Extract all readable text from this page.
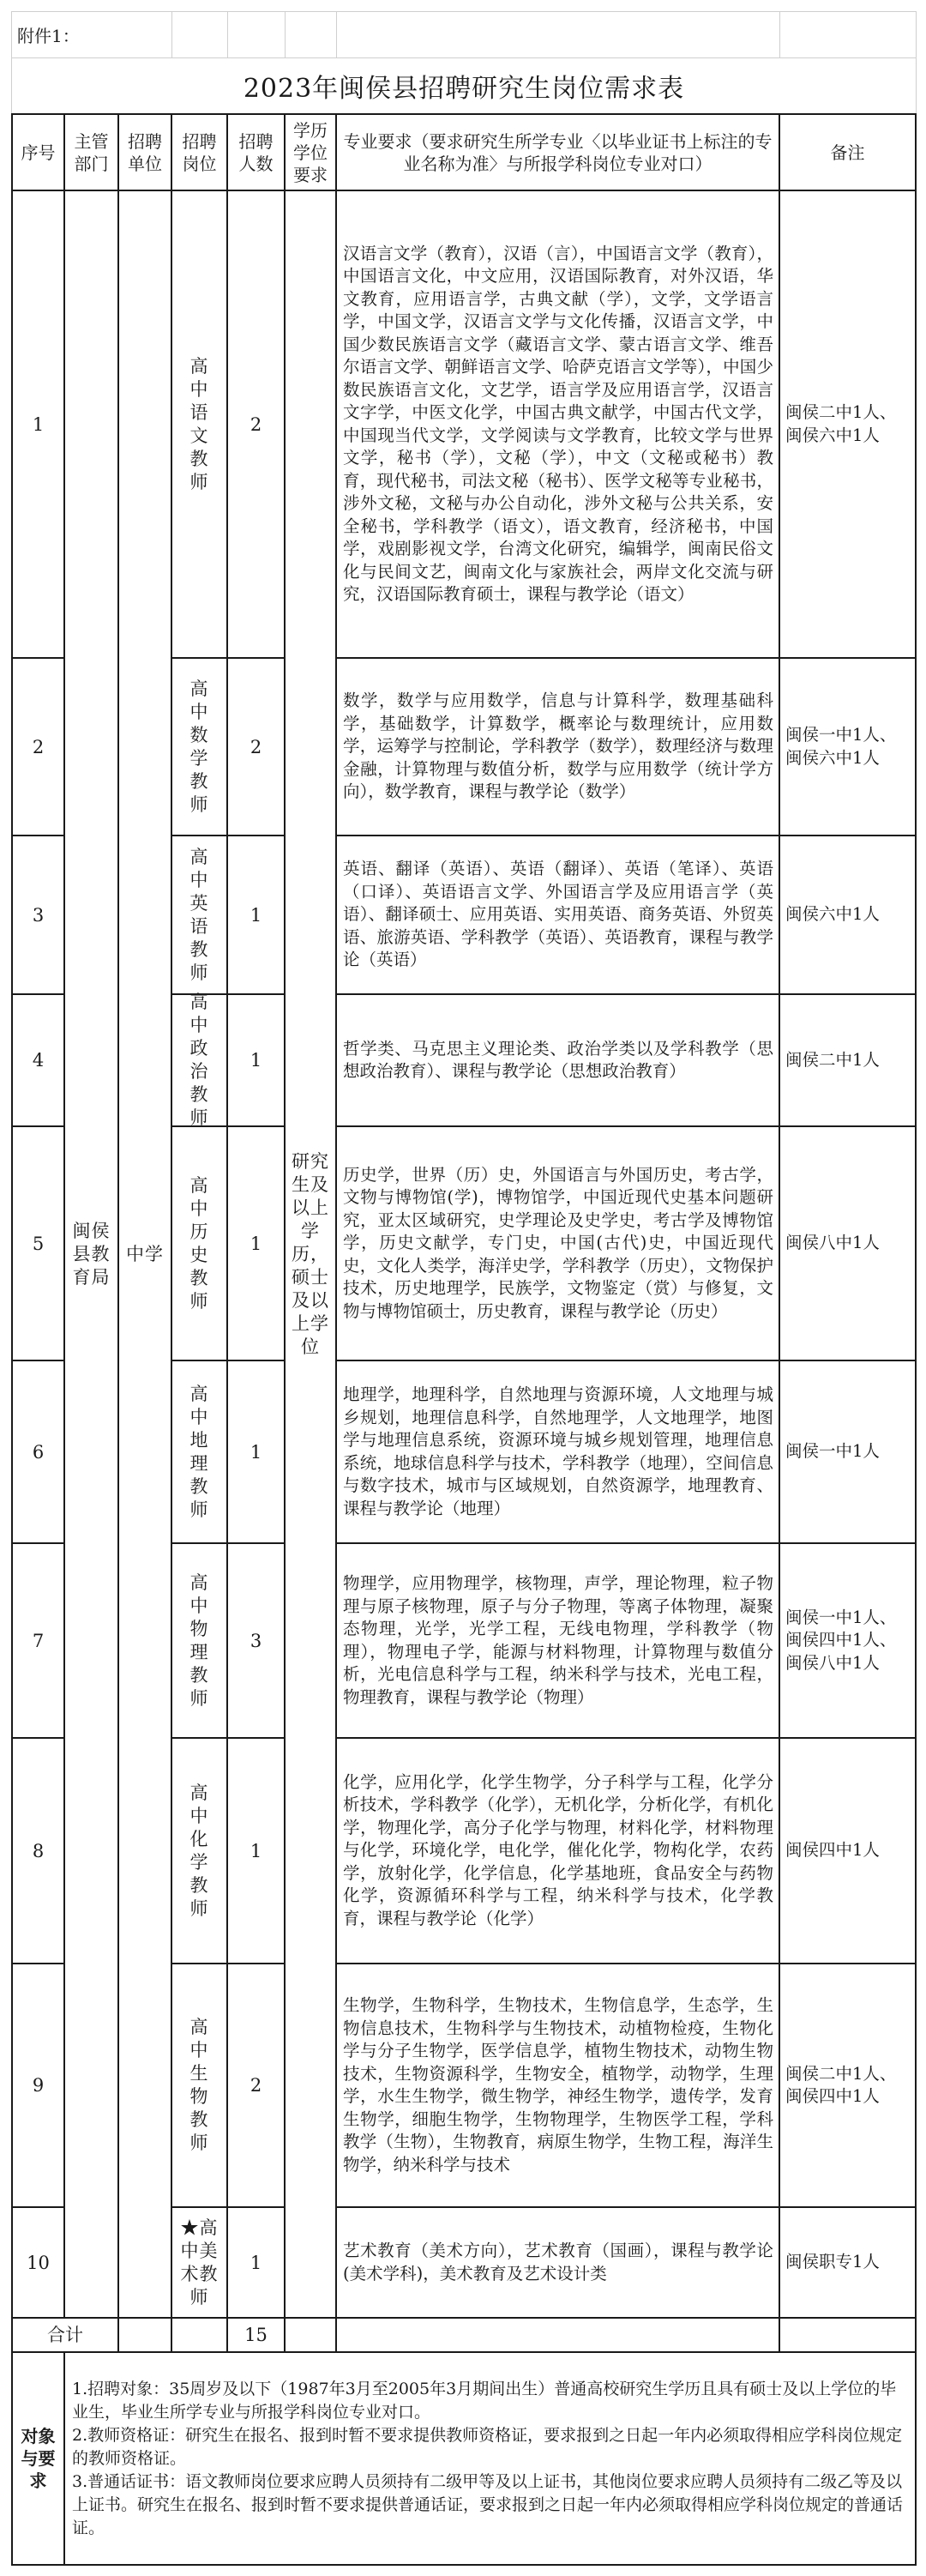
附件1：
2023年闽侯县招聘研究生岗位需求表
序号
主管部门
招聘单位
招聘岗位
招聘人数
学历学位要求
专业要求（要求研究生所学专业〈以毕业证书上标注的专业名称为准〉与所报学科岗位专业对口）
备注
闽侯县教育局
中学
研究生及以上学历，硕士及以上学位
1
高中语文教师
2
汉语言文学（教育），汉语（言），中国语言文学（教育），中国语言文化，中文应用，汉语国际教育，对外汉语，华文教育，应用语言学，古典文献（学），文学，文学语言学，中国文学，汉语言文学与文化传播，汉语言文学，中国少数民族语言文学（藏语言文学、蒙古语言文学、维吾尔语言文学、朝鲜语言文学、哈萨克语言文学等），中国少数民族语言文化，文艺学，语言学及应用语言学，汉语言文字学，中医文化学，中国古典文献学，中国古代文学，中国现当代文学，文学阅读与文学教育，比较文学与世界文学，秘书（学），文秘（学），中文（文秘或秘书）教育，现代秘书，司法文秘（秘书）、医学文秘等专业秘书，涉外文秘，文秘与办公自动化，涉外文秘与公共关系，安全秘书，学科教学（语文），语文教育，经济秘书，中国学，戏剧影视文学，台湾文化研究，编辑学，闽南民俗文化与民间文艺，闽南文化与家族社会，两岸文化交流与研究，汉语国际教育硕士，课程与教学论（语文）
闽侯二中1人、闽侯六中1人
2
高中数学教师
2
数学，数学与应用数学，信息与计算科学，数理基础科学，基础数学，计算数学，概率论与数理统计，应用数学，运筹学与控制论，学科教学（数学），数理经济与数理金融，计算物理与数值分析，数学与应用数学（统计学方向），数学教育，课程与教学论（数学）
闽侯一中1人、闽侯六中1人
3
高中英语教师
1
英语、翻译（英语）、英语（翻译）、英语（笔译）、英语（口译）、英语语言文学、外国语言学及应用语言学（英语）、翻译硕士、应用英语、实用英语、商务英语、外贸英语、旅游英语、学科教学（英语）、英语教育，课程与教学论（英语）
闽侯六中1人
4
高中政治教师
1
哲学类、马克思主义理论类、政治学类以及学科教学（思想政治教育）、课程与教学论（思想政治教育）
闽侯二中1人
5
高中历史教师
1
历史学，世界（历）史，外国语言与外国历史，考古学，文物与博物馆(学)，博物馆学，中国近现代史基本问题研究，亚太区域研究，史学理论及史学史，考古学及博物馆学，历史文献学，专门史，中国(古代)史，中国近现代史，文化人类学，海洋史学，学科教学（历史），文物保护技术，历史地理学，民族学，文物鉴定（赏）与修复，文物与博物馆硕士，历史教育，课程与教学论（历史）
闽侯八中1人
6
高中地理教师
1
地理学，地理科学，自然地理与资源环境，人文地理与城乡规划，地理信息科学，自然地理学，人文地理学，地图学与地理信息系统，资源环境与城乡规划管理，地理信息系统，地球信息科学与技术，学科教学（地理），空间信息与数字技术，城市与区域规划，自然资源学，地理教育、课程与教学论（地理）
闽侯一中1人
7
高中物理教师
3
物理学，应用物理学，核物理，声学，理论物理，粒子物理与原子核物理，原子与分子物理，等离子体物理，凝聚态物理，光学，光学工程，无线电物理，学科教学（物理），物理电子学，能源与材料物理，计算物理与数值分析，光电信息科学与工程，纳米科学与技术，光电工程，物理教育，课程与教学论（物理）
闽侯一中1人、闽侯四中1人、闽侯八中1人
8
高中化学教师
1
化学，应用化学，化学生物学，分子科学与工程，化学分析技术，学科教学（化学），无机化学，分析化学，有机化学，物理化学，高分子化学与物理，材料化学，材料物理与化学，环境化学，电化学，催化化学，物构化学，农药学，放射化学，化学信息，化学基地班，食品安全与药物化学，资源循环科学与工程，纳米科学与技术，化学教育，课程与教学论（化学）
闽侯四中1人
9
高中生物教师
2
生物学，生物科学，生物技术，生物信息学，生态学，生物信息技术，生物科学与生物技术，动植物检疫，生物化学与分子生物学，医学信息学，植物生物技术，动物生物技术，生物资源科学，生物安全，植物学，动物学，生理学，水生生物学，微生物学，神经生物学，遗传学，发育生物学，细胞生物学，生物物理学，生物医学工程，学科教学（生物），生物教育，病原生物学，生物工程，海洋生物学，纳米科学与技术
闽侯二中1人、闽侯四中1人
10
★高中美术教师
1
艺术教育（美术方向），艺术教育（国画），课程与教学论(美术学科)，美术教育及艺术设计类
闽侯职专1人
合计	15
对象与要求
1.招聘对象：35周岁及以下（1987年3月至2005年3月期间出生）普通高校研究生学历且具有硕士及以上学位的毕业生，毕业生所学专业与所报学科岗位专业对口。
2.教师资格证：研究生在报名、报到时暂不要求提供教师资格证，要求报到之日起一年内必须取得相应学科岗位规定的教师资格证。
3.普通话证书：语文教师岗位要求应聘人员须持有二级甲等及以上证书，其他岗位要求应聘人员须持有二级乙等及以上证书。研究生在报名、报到时暂不要求提供普通话证，要求报到之日起一年内必须取得相应学科岗位规定的普通话证。
